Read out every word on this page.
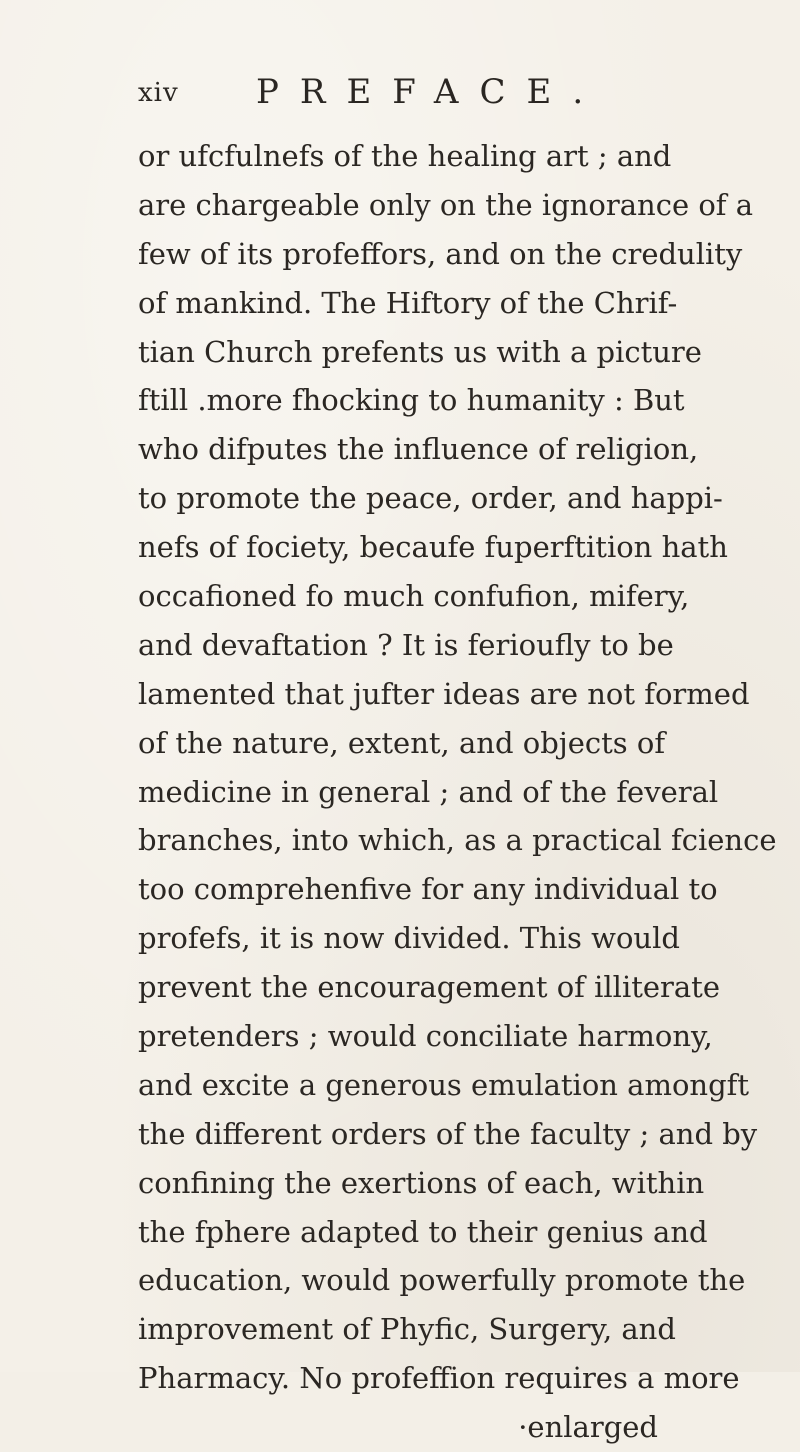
xiv PREFACE.
or ufcfulnefs of the healing art ; and
are chargeable only on the ignorance of a
few of its profeffors, and on the credulity
of mankind. The Hiftory of the Chrif-
tian Church prefents us with a picture
ftill .more fhocking to humanity : But
who difputes the influence of religion,
to promote the peace, order, and happi-
nefs of fociety, becaufe fuperftition hath
occafioned fo much confufion, mifery,
and devaftation ? It is ferioufly to be
lamented that jufter ideas are not formed
of the nature, extent, and objects of
medicine in general ; and of the feveral
branches, into which, as a practical fcience
too comprehenfive for any individual to
profefs, it is now divided. This would
prevent the encouragement of illiterate
pretenders ; would conciliate harmony,
and excite a generous emulation amongft
the different orders of the faculty ; and by
confining the exertions of each, within
the fphere adapted to their genius and
education, would powerfully promote the
improvement of Phyfic, Surgery, and
Pharmacy. No profeffion requires a more
·enlarged
